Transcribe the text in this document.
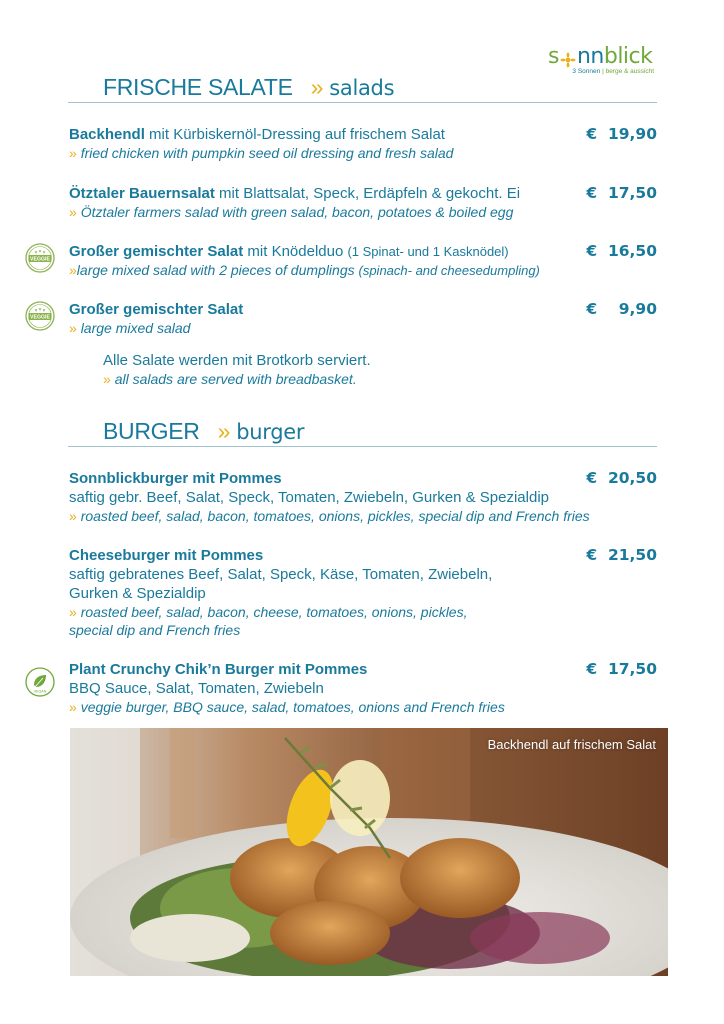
s nn blick
3 Sonnen | berge & aussicht
FRISCHE SALATE » salads
Backhendl mit Kürbiskernöl-Dressing auf frischem Salat
» fried chicken with pumpkin seed oil dressing and fresh salad
€  19,90
Ötztaler Bauernsalat mit Blattsalat, Speck, Erdäpfeln & gekocht. Ei
» Ötztaler farmers salad with green salad, bacon, potatoes & boiled egg
€  17,50
VEGGIE Großer gemischter Salat mit Knödelduo (1 Spinat- und 1 Kasknödel)
»large mixed salad with 2 pieces of dumplings (spinach- and cheesedumpling)
€  16,50
VEGGIE Großer gemischter Salat
» large mixed salad
€    9,90
Alle Salate werden mit Brotkorb serviert.
» all salads are served with breadbasket.
BURGER » burger
Sonnblickburger mit Pommes
saftig gebr. Beef, Salat, Speck, Tomaten, Zwiebeln, Gurken & Spezialdip
» roasted beef, salad, bacon, tomatoes, onions, pickles, special dip and French fries
€  20,50
Cheeseburger mit Pommes
saftig gebratenes Beef, Salat, Speck, Käse, Tomaten, Zwiebeln,
Gurken & Spezialdip
» roasted beef, salad, bacon, cheese, tomatoes, onions, pickles,
special dip and French fries
€  21,50
VEGAN
Plant Crunchy Chik’n Burger mit Pommes
BBQ Sauce, Salat, Tomaten, Zwiebeln
» veggie burger, BBQ sauce, salad, tomatoes, onions and French fries
€  17,50
Backhendl auf frischem Salat
